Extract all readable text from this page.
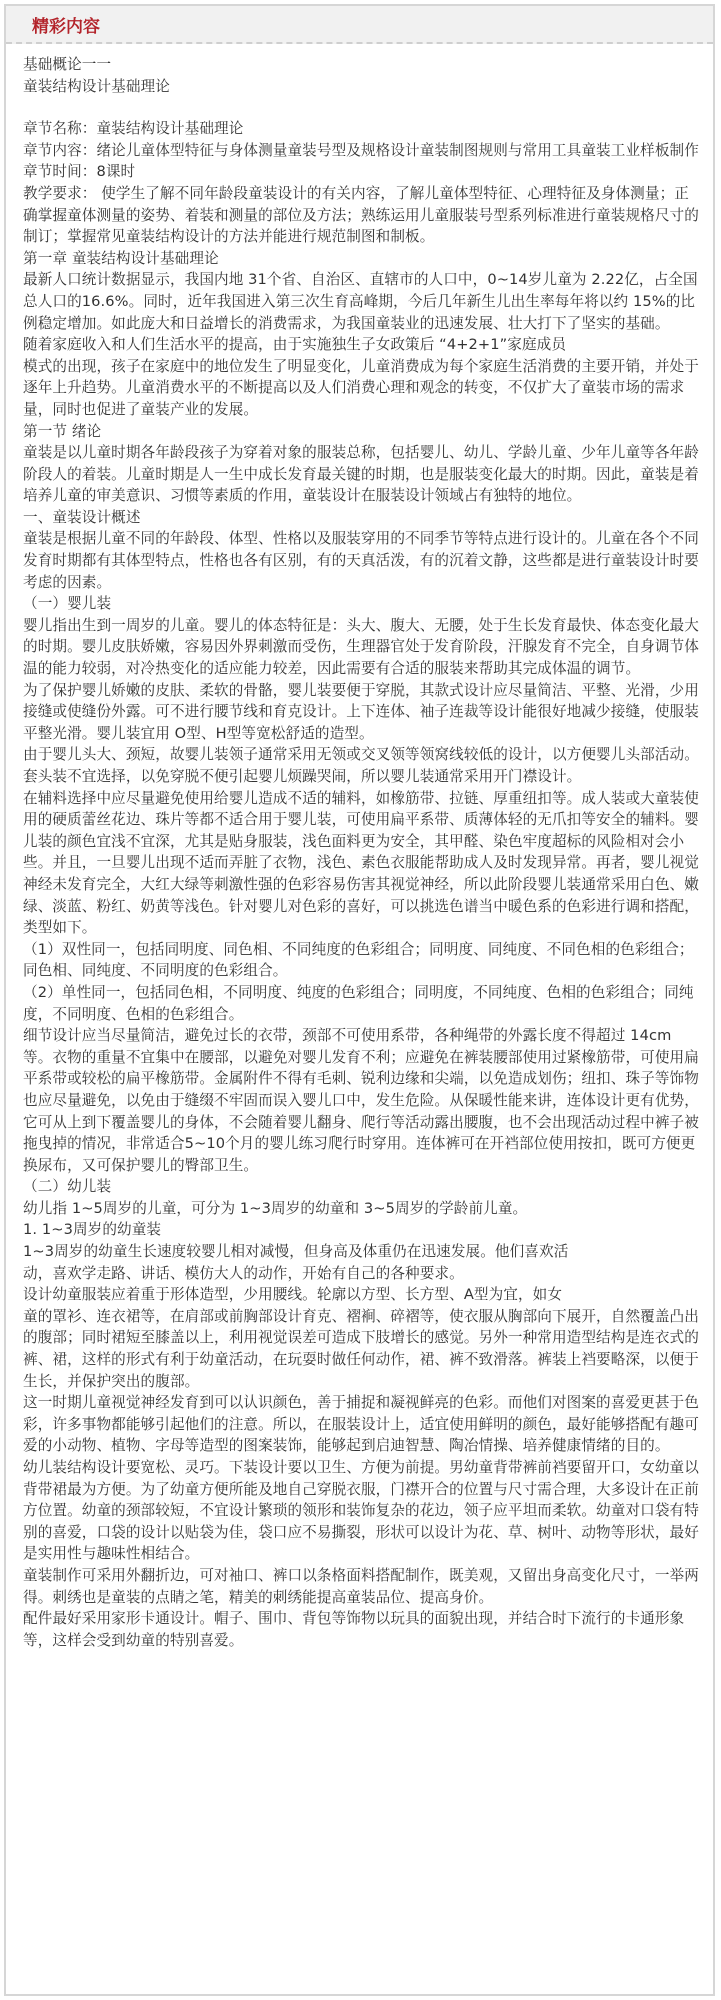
精彩内容

基础概论一一

童装结构设计基础理论

章节名称：童装结构设计基础理论

章节内容：绪论儿童体型特征与身体测量童装号型及规格设计童装制图规则与常用工具童装工业样板制作

章节时间：8课时

教学要求： 使学生了解不同年龄段童装设计的有关内容，了解儿童体型特征、心理特征及身体测量；正确掌握童体测量的姿势、着装和测量的部位及方法；熟练运用儿童服装号型系列标准进行童装规格尺寸的制订；掌握常见童装结构设计的方法并能进行规范制图和制板。

第一章 童装结构设计基础理论

最新人口统计数据显示，我国内地 31个省、自治区、直辖市的人口中，0~14岁儿童为 2.22亿，占全国总人口的16.6%。同时，近年我国进入第三次生育高峰期，今后几年新生儿出生率每年将以约 15%的比例稳定增加。如此庞大和日益增长的消费需求，为我国童装业的迅速发展、壮大打下了坚实的基础。

随着家庭收入和人们生活水平的提高，由于实施独生子女政策后 “4+2+1”家庭成员

模式的出现，孩子在家庭中的地位发生了明显变化，儿童消费成为每个家庭生活消费的主要开销，并处于逐年上升趋势。儿童消费水平的不断提高以及人们消费心理和观念的转变，不仅扩大了童装市场的需求量，同时也促进了童装产业的发展。

第一节 绪论

童装是以儿童时期各年龄段孩子为穿着对象的服装总称，包括婴儿、幼儿、学龄儿童、少年儿童等各年龄阶段人的着装。儿童时期是人一生中成长发育最关键的时期，也是服装变化最大的时期。因此，童装是着培养儿童的审美意识、习惯等素质的作用，童装设计在服装设计领域占有独特的地位。

一、童装设计概述

童装是根据儿童不同的年龄段、体型、性格以及服装穿用的不同季节等特点进行设计的。儿童在各个不同发育时期都有其体型特点，性格也各有区别，有的天真活泼，有的沉着文静，这些都是进行童装设计时要考虑的因素。

（一）婴儿装

婴儿指出生到一周岁的儿童。婴儿的体态特征是：头大、腹大、无腰，处于生长发育最快、体态变化最大的时期。婴儿皮肤娇嫩，容易因外界刺激而受伤，生理器官处于发育阶段，汗腺发育不完全，自身调节体温的能力较弱，对冷热变化的适应能力较差，因此需要有合适的服装来帮助其完成体温的调节。

为了保护婴儿娇嫩的皮肤、柔软的骨骼，婴儿装要便于穿脱，其款式设计应尽量简洁、平整、光滑，少用接缝或使缝份外露。可不进行腰节线和育克设计。上下连体、袖子连裁等设计能很好地减少接缝，使服装平整光滑。婴儿装宜用 O型、H型等宽松舒适的造型。

由于婴儿头大、颈短，故婴儿装领子通常采用无领或交叉领等领窝线较低的设计，以方便婴儿头部活动。套头装不宜选择，以免穿脱不便引起婴儿烦躁哭闹，所以婴儿装通常采用开门襟设计。

在辅料选择中应尽量避免使用给婴儿造成不适的辅料，如橡筋带、拉链、厚重纽扣等。成人装或大童装使用的硬质蕾丝花边、珠片等都不适合用于婴儿装，可使用扁平系带、质薄体轻的无爪扣等安全的辅料。婴儿装的颜色宜浅不宜深，尤其是贴身服装，浅色面料更为安全，其甲醛、染色牢度超标的风险相对会小些。并且，一旦婴儿出现不适而弄脏了衣物，浅色、素色衣服能帮助成人及时发现异常。再者，婴儿视觉神经未发育完全，大红大绿等刺激性强的色彩容易伤害其视觉神经，所以此阶段婴儿装通常采用白色、嫩绿、淡蓝、粉红、奶黄等浅色。针对婴儿对色彩的喜好，可以挑选色谱当中暖色系的色彩进行调和搭配，类型如下。

（1）双性同一，包括同明度、同色相、不同纯度的色彩组合；同明度、同纯度、不同色相的色彩组合；同色相、同纯度、不同明度的色彩组合。

（2）单性同一，包括同色相，不同明度、纯度的色彩组合；同明度，不同纯度、色相的色彩组合；同纯度，不同明度、色相的色彩组合。

细节设计应当尽量简洁，避免过长的衣带，颈部不可使用系带，各种绳带的外露长度不得超过 14cm等。衣物的重量不宜集中在腰部，以避免对婴儿发育不利；应避免在裤装腰部使用过紧橡筋带，可使用扁平系带或较松的扁平橡筋带。金属附件不得有毛刺、锐利边缘和尖端，以免造成划伤；纽扣、珠子等饰物也应尽量避免，以免由于缝缀不牢固而误入婴儿口中，发生危险。从保暖性能来讲，连体设计更有优势，它可从上到下覆盖婴儿的身体，不会随着婴儿翻身、爬行等活动露出腰腹，也不会出现活动过程中裤子被拖曳掉的情况，非常适合5~10个月的婴儿练习爬行时穿用。连体裤可在开裆部位使用按扣，既可方便更换尿布，又可保护婴儿的臀部卫生。

（二）幼儿装

幼儿指 1~5周岁的儿童，可分为 1~3周岁的幼童和 3~5周岁的学龄前儿童。

1. 1~3周岁的幼童装

1~3周岁的幼童生长速度较婴儿相对减慢，但身高及体重仍在迅速发展。他们喜欢活

动，喜欢学走路、讲话、模仿大人的动作，开始有自己的各种要求。

设计幼童服装应着重于形体造型，少用腰线。轮廓以方型、长方型、A型为宜，如女

童的罩衫、连衣裙等，在肩部或前胸部设计育克、褶裥、碎褶等，使衣服从胸部向下展开，自然覆盖凸出的腹部；同时裙短至膝盖以上，利用视觉误差可造成下肢增长的感觉。另外一种常用造型结构是连衣式的裤、裙，这样的形式有利于幼童活动，在玩耍时做任何动作，裙、裤不致滑落。裤装上裆要略深，以便于生长，并保护突出的腹部。

这一时期儿童视觉神经发育到可以认识颜色，善于捕捉和凝视鲜亮的色彩。而他们对图案的喜爱更甚于色彩，许多事物都能够引起他们的注意。所以，在服装设计上，适宜使用鲜明的颜色，最好能够搭配有趣可爱的小动物、植物、字母等造型的图案装饰，能够起到启迪智慧、陶冶情操、培养健康情绪的目的。

幼儿装结构设计要宽松、灵巧。下装设计要以卫生、方便为前提。男幼童背带裤前裆要留开口，女幼童以背带裙最为方便。为了幼童方便所能及地自己穿脱衣服，门襟开合的位置与尺寸需合理，大多设计在正前方位置。幼童的颈部较短，不宜设计繁琐的领形和装饰复杂的花边，领子应平坦而柔软。幼童对口袋有特别的喜爱，口袋的设计以贴袋为佳，袋口应不易撕裂，形状可以设计为花、草、树叶、动物等形状，最好是实用性与趣味性相结合。

童装制作可采用外翻折边，可对袖口、裤口以条格面料搭配制作，既美观，又留出身高变化尺寸，一举两得。刺绣也是童装的点睛之笔，精美的刺绣能提高童装品位、提高身价。

配件最好采用家形卡通设计。帽子、围巾、背包等饰物以玩具的面貌出现，并结合时下流行的卡通形象等，这样会受到幼童的特别喜爱。
